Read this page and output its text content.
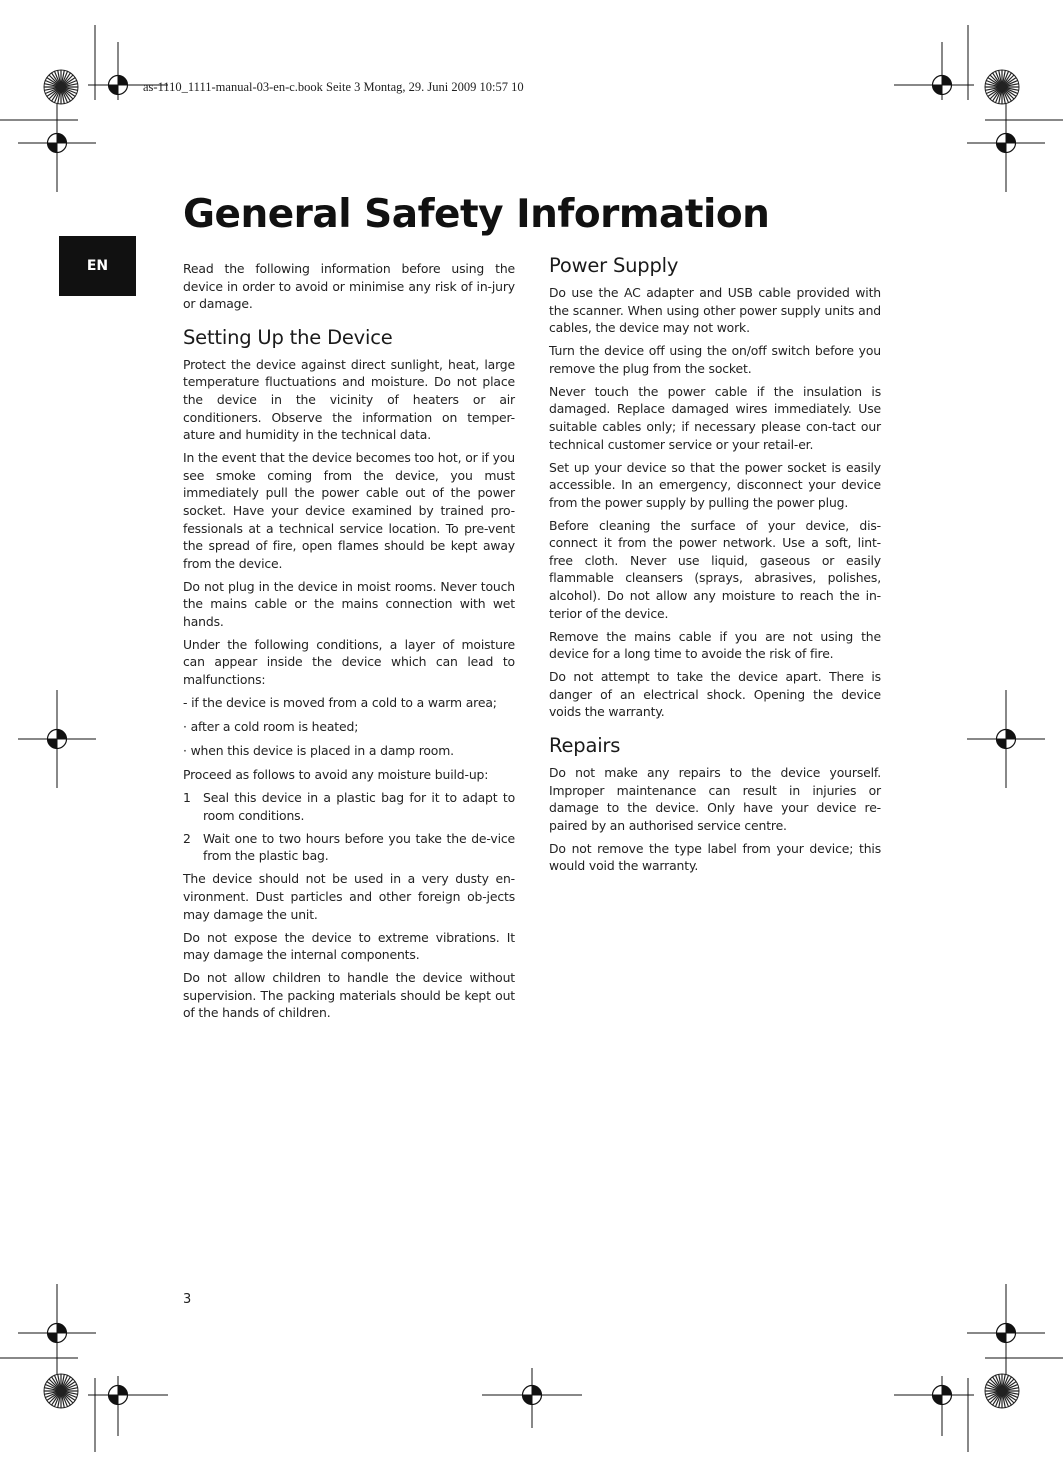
as-1110_1111-manual-03-en-c.book Seite 3 Montag, 29. Juni 2009 10:57 10
EN
General Safety Information

Read the following information before using the device in order to avoid or minimise any risk of in-jury or damage.

Setting Up the Device

Protect the device against direct sunlight, heat, large temperature fluctuations and moisture. Do not place the device in the vicinity of heaters or air conditioners. Observe the information on temper-ature and humidity in the technical data.

In the event that the device becomes too hot, or if you see smoke coming from the device, you must immediately pull the power cable out of the power socket. Have your device examined by trained pro-fessionals at a technical service location. To pre-vent the spread of fire, open flames should be kept away from the device.

Do not plug in the device in moist rooms. Never touch the mains cable or the mains connection with wet hands.

Under the following conditions, a layer of moisture can appear inside the device which can lead to malfunctions:

- if the device is moved from a cold to a warm area;

· after a cold room is heated;

· when this device is placed in a damp room.

Proceed as follows to avoid any moisture build-up:

1 Seal this device in a plastic bag for it to adapt to room conditions.
2 Wait one to two hours before you take the de-vice from the plastic bag.

The device should not be used in a very dusty en-vironment. Dust particles and other foreign ob-jects may damage the unit.

Do not expose the device to extreme vibrations. It may damage the internal components.

Do not allow children to handle the device without supervision. The packing materials should be kept out of the hands of children.

Power Supply

Do use the AC adapter and USB cable provided with the scanner. When using other power supply units and cables, the device may not work.

Turn the device off using the on/off switch before you remove the plug from the socket.

Never touch the power cable if the insulation is damaged. Replace damaged wires immediately. Use suitable cables only; if necessary please con-tact our technical customer service or your retail-er.

Set up your device so that the power socket is easily accessible. In an emergency, disconnect your device from the power supply by pulling the power plug.

Before cleaning the surface of your device, dis-connect it from the power network. Use a soft, lint-free cloth. Never use liquid, gaseous or easily flammable cleansers (sprays, abrasives, polishes, alcohol). Do not allow any moisture to reach the in-terior of the device.

Remove the mains cable if you are not using the device for a long time to avoide the risk of fire.

Do not attempt to take the device apart. There is danger of an electrical shock. Opening the device voids the warranty.

Repairs

Do not make any repairs to the device yourself. Improper maintenance can result in injuries or damage to the device. Only have your device re-paired by an authorised service centre.

Do not remove the type label from your device; this would void the warranty.

3
